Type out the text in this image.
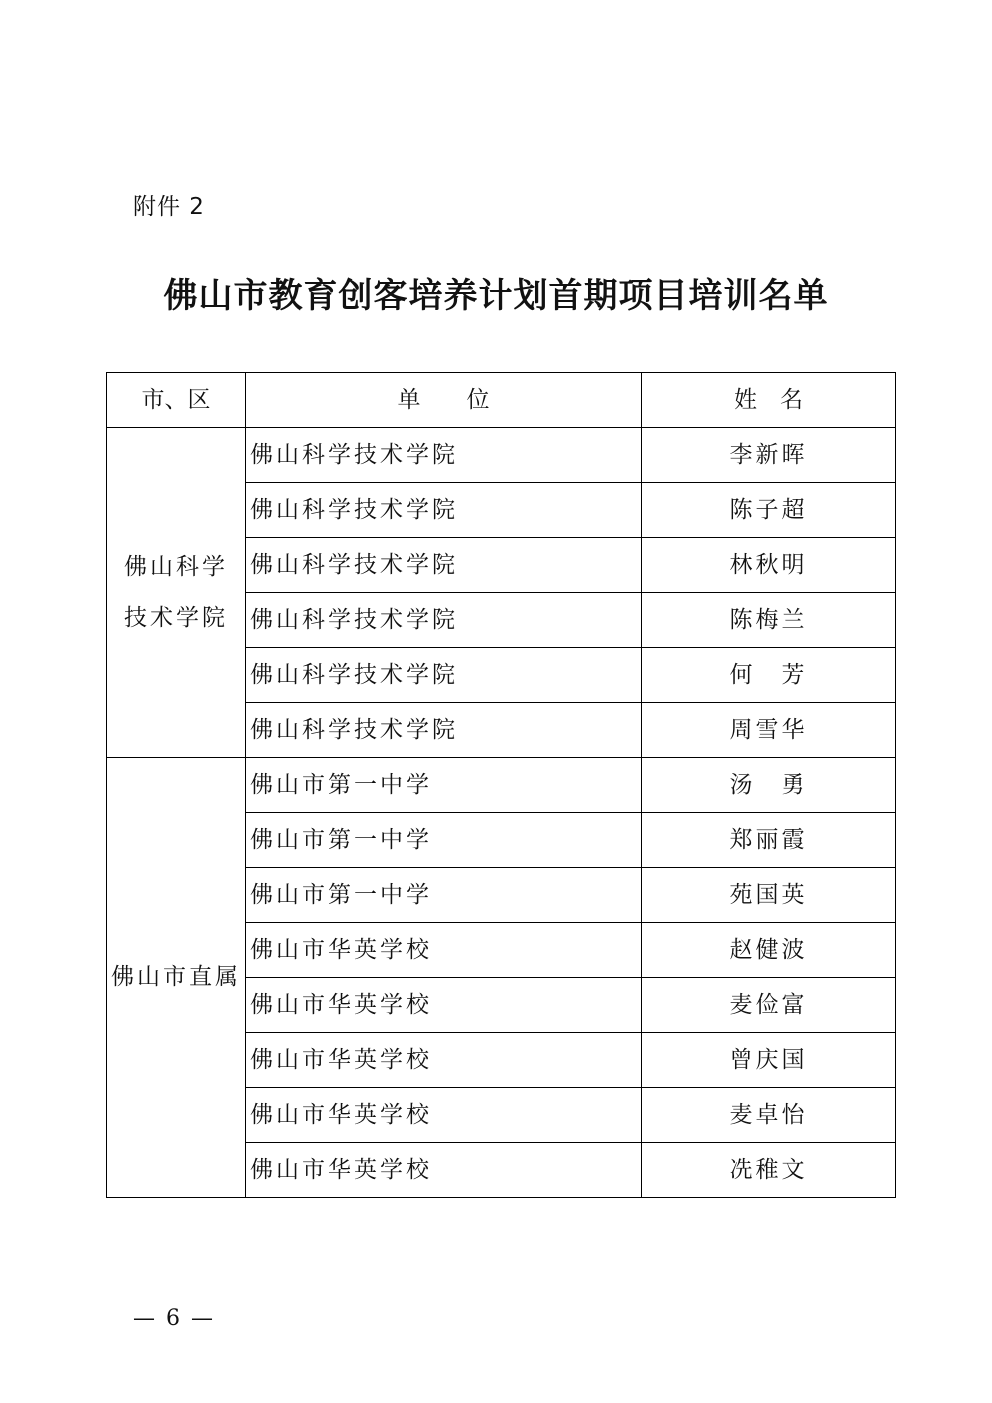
附件 2
佛山市教育创客培养计划首期项目培训名单
市、区	单　　位	姓　名
佛山科学技术学院	佛山科学技术学院	李新晖
	佛山科学技术学院	陈子超
	佛山科学技术学院	林秋明
	佛山科学技术学院	陈梅兰
	佛山科学技术学院	何　芳
	佛山科学技术学院	周雪华
佛山市直属	佛山市第一中学	汤　勇
	佛山市第一中学	郑丽霞
	佛山市第一中学	苑国英
	佛山市华英学校	赵健波
	佛山市华英学校	麦俭富
	佛山市华英学校	曾庆国
	佛山市华英学校	麦卓怡
	佛山市华英学校	冼稚文
— 6 —
